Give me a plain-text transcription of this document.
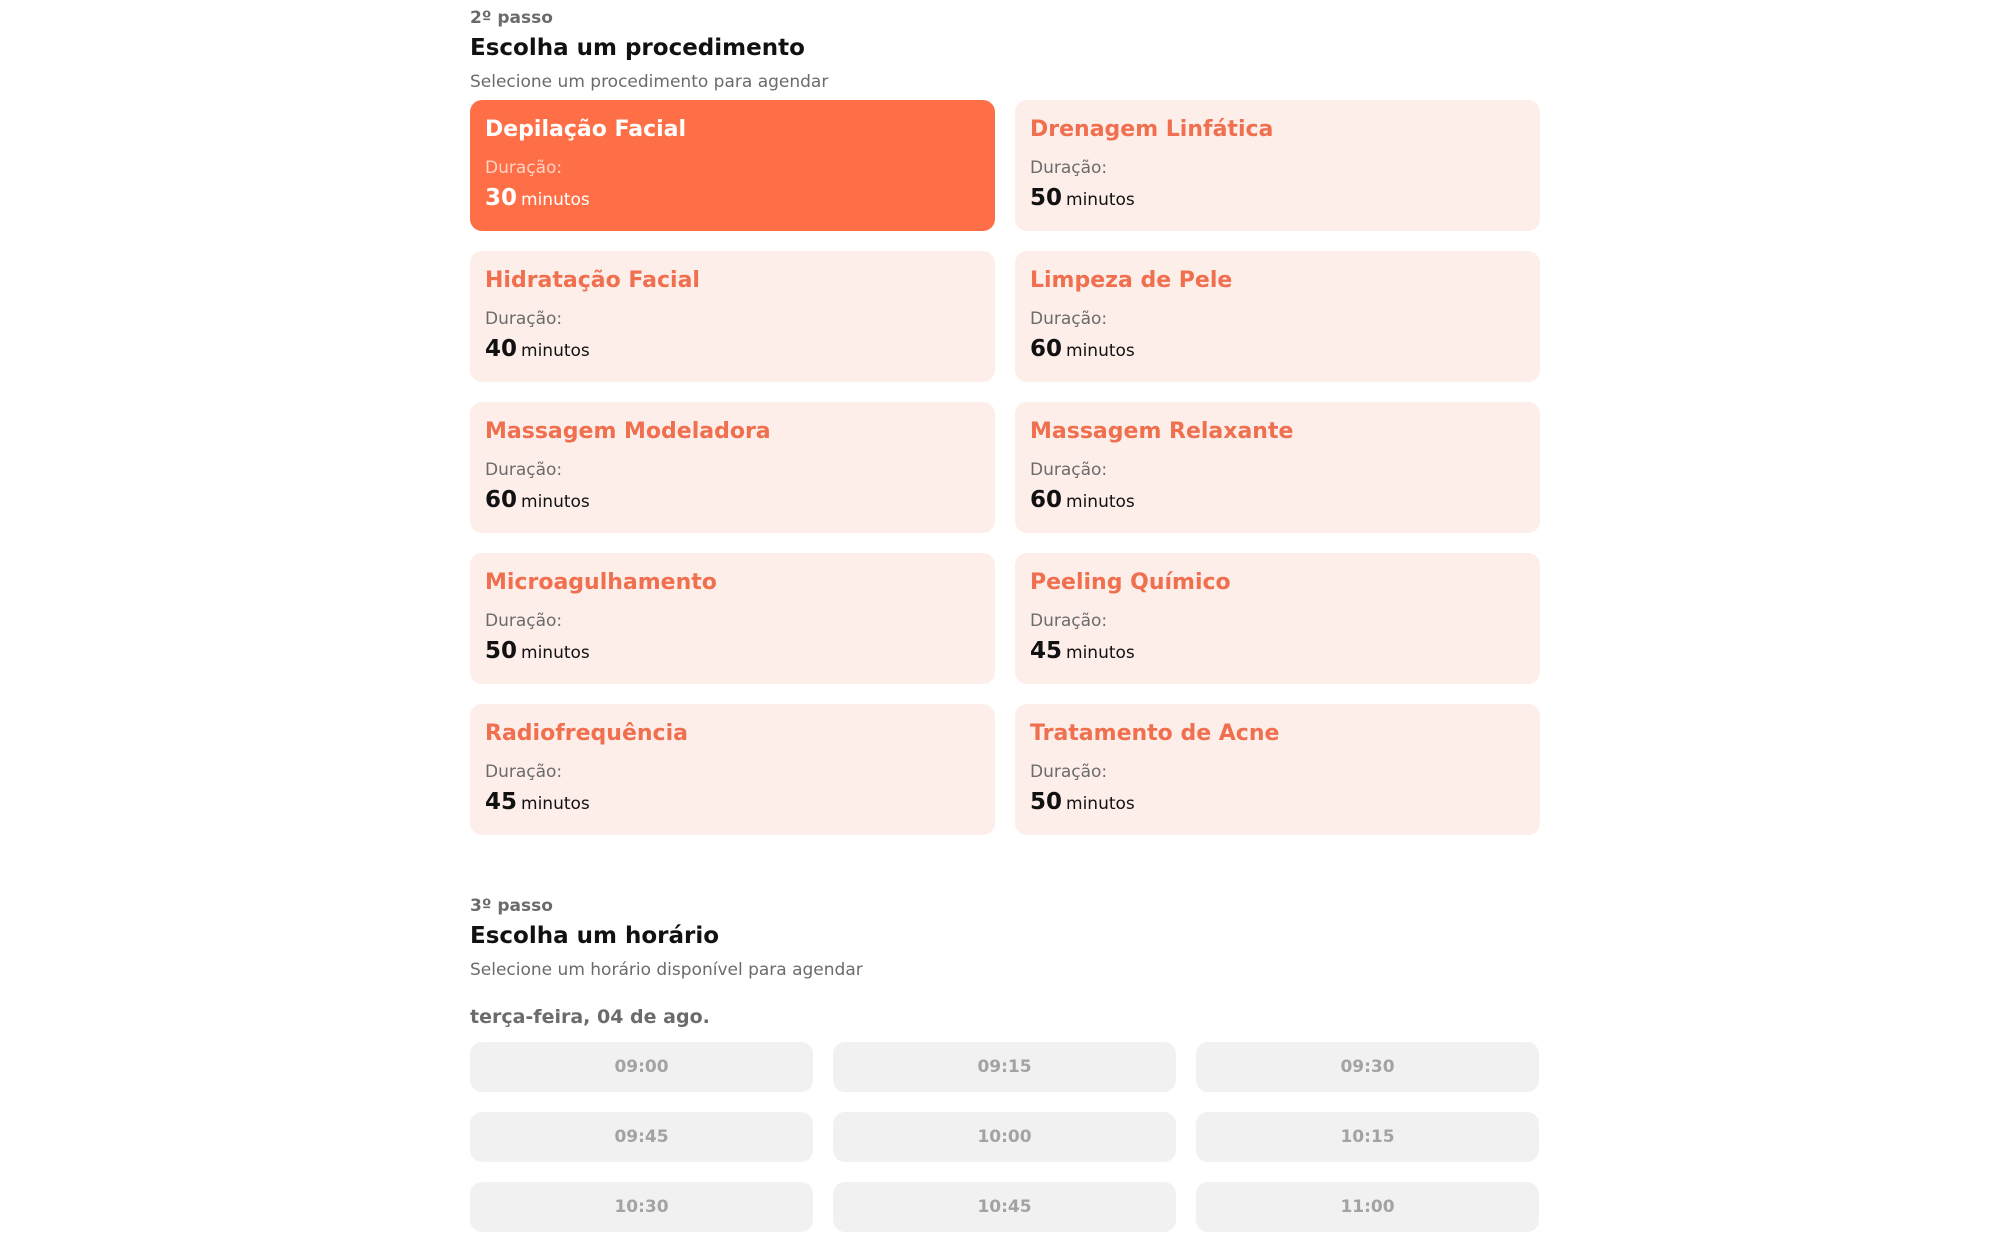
2º passo
Escolha um procedimento
Selecione um procedimento para agendar
Depilação Facial
Duração:
30 minutos
Drenagem Linfática
Duração:
50 minutos
Hidratação Facial
Duração:
40 minutos
Limpeza de Pele
Duração:
60 minutos
Massagem Modeladora
Duração:
60 minutos
Massagem Relaxante
Duração:
60 minutos
Microagulhamento
Duração:
50 minutos
Peeling Químico
Duração:
45 minutos
Radiofrequência
Duração:
45 minutos
Tratamento de Acne
Duração:
50 minutos
3º passo
Escolha um horário
Selecione um horário disponível para agendar
terça-feira, 04 de ago.
09:00	09:15	09:30
09:45	10:00	10:15
10:30	10:45	11:00
